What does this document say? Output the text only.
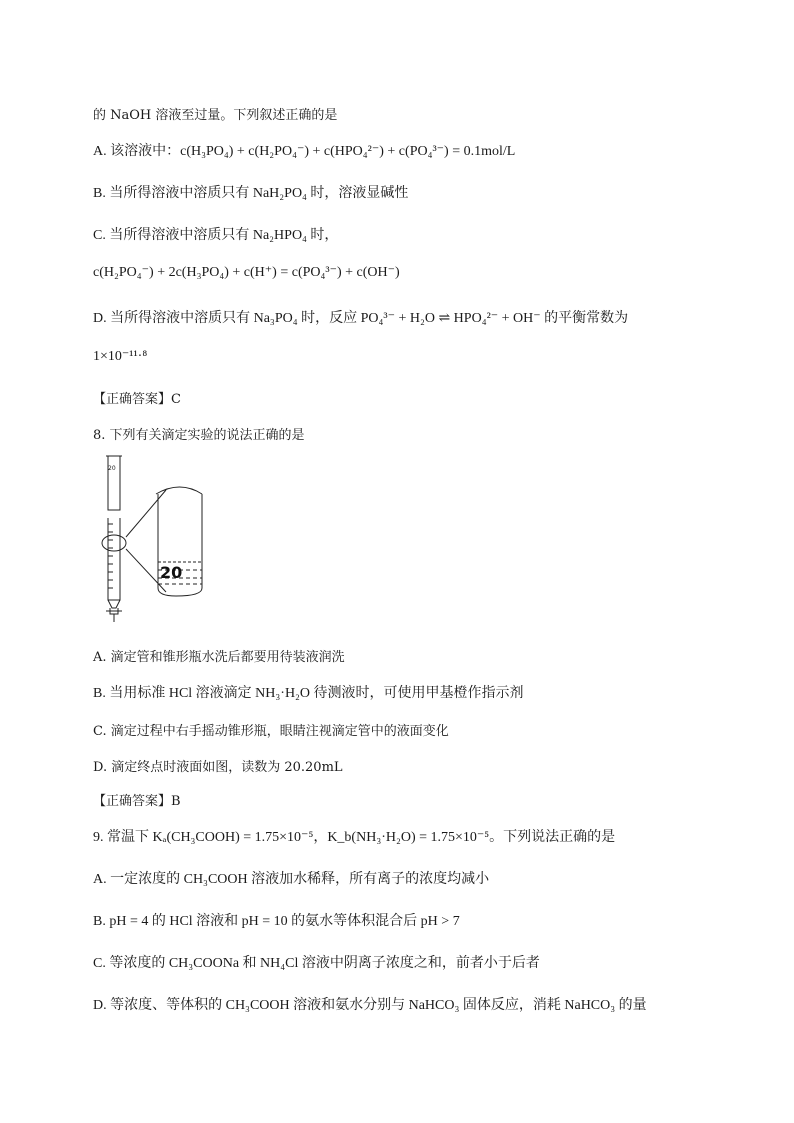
的 NaOH 溶液至过量。下列叙述正确的是
A. 该溶液中：c(H₃PO₄) + c(H₂PO₄⁻) + c(HPO₄²⁻) + c(PO₄³⁻) = 0.1mol/L
B. 当所得溶液中溶质只有 NaH₂PO₄ 时，溶液显碱性
C. 当所得溶液中溶质只有 Na₂HPO₄ 时，
c(H₂PO₄⁻) + 2c(H₃PO₄) + c(H⁺) = c(PO₄³⁻) + c(OH⁻)
D. 当所得溶液中溶质只有 Na₃PO₄ 时，反应 PO₄³⁻ + H₂O ⇌ HPO₄²⁻ + OH⁻ 的平衡常数为
1×10⁻¹¹·⁸
【正确答案】C
8. 下列有关滴定实验的说法正确的是
20
20
A. 滴定管和锥形瓶水洗后都要用待装液润洗
B. 当用标准 HCl 溶液滴定 NH₃·H₂O 待测液时，可使用甲基橙作指示剂
C. 滴定过程中右手摇动锥形瓶，眼睛注视滴定管中的液面变化
D. 滴定终点时液面如图，读数为 20.20mL
【正确答案】B
9. 常温下 Kₐ(CH₃COOH) = 1.75×10⁻⁵，K_b(NH₃·H₂O) = 1.75×10⁻⁵。下列说法正确的是
A. 一定浓度的 CH₃COOH 溶液加水稀释，所有离子的浓度均减小
B. pH = 4 的 HCl 溶液和 pH = 10 的氨水等体积混合后 pH > 7
C. 等浓度的 CH₃COONa 和 NH₄Cl 溶液中阴离子浓度之和，前者小于后者
D. 等浓度、等体积的 CH₃COOH 溶液和氨水分别与 NaHCO₃ 固体反应，消耗 NaHCO₃ 的量
